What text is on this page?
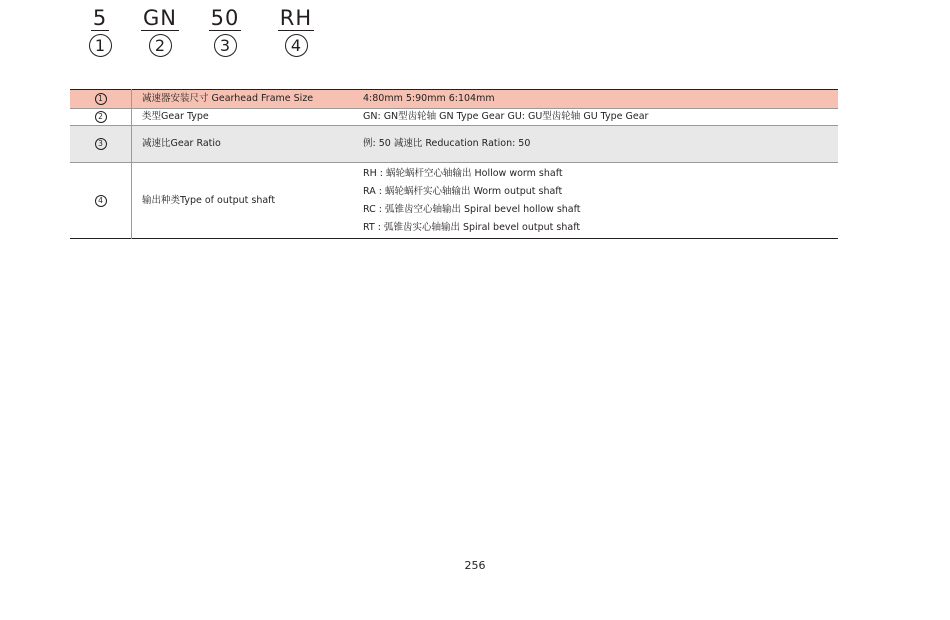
5
1
GN
2
50
3
RH
4
1	减速器安装尺寸 Gearhead Frame Size	4:80mm 5:90mm 6:104mm
2	类型Gear Type	GN: GN型齿轮轴 GN Type Gear GU: GU型齿轮轴 GU Type Gear
3	减速比Gear Ratio	例: 50 减速比 Reducation Ration: 50
4	输出种类Type of output shaft	RH : 蜗轮蜗杆空心轴输出 Hollow worm shaft
RA : 蜗轮蜗杆实心轴输出 Worm output shaft
RC : 弧锥齿空心轴输出 Spiral bevel hollow shaft
RT : 弧锥齿实心轴输出 Spiral bevel output shaft
256
